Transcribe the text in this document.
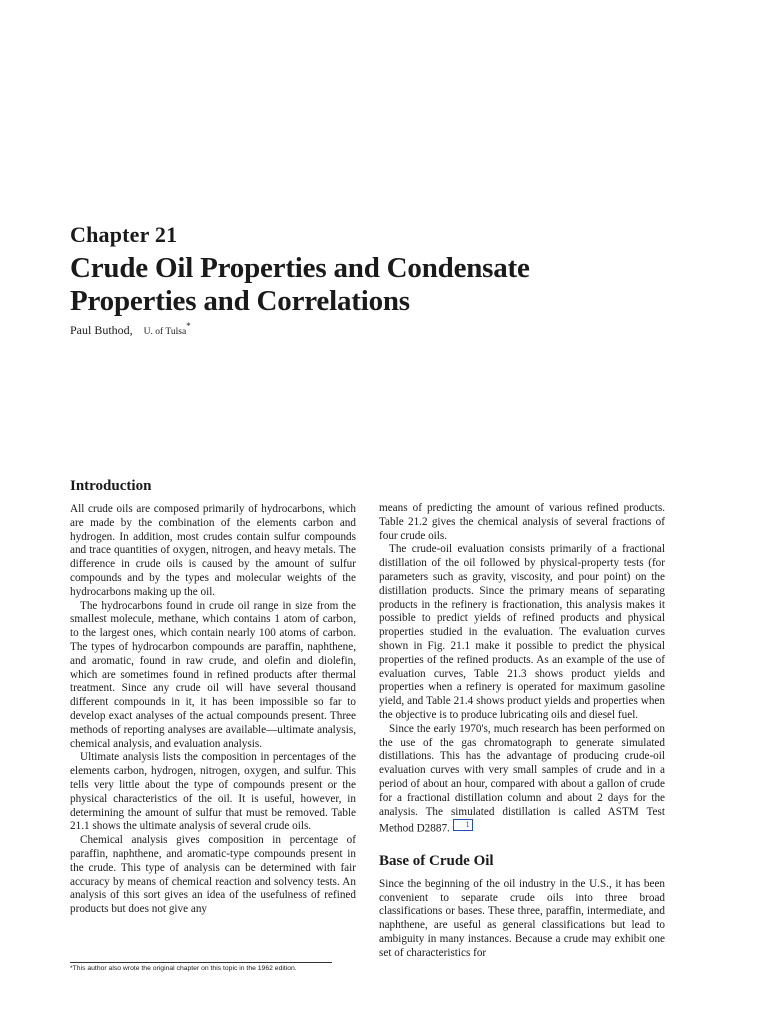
Chapter 21
Crude Oil Properties and Condensate
Properties and Correlations
Paul Buthod, U. of Tulsa*
Introduction

All crude oils are composed primarily of hydrocarbons, which are made by the combination of the elements carbon and hydrogen. In addition, most crudes contain sulfur compounds and trace quantities of oxygen, nitrogen, and heavy metals. The difference in crude oils is caused by the amount of sulfur compounds and by the types and molecular weights of the hydrocarbons making up the oil.

The hydrocarbons found in crude oil range in size from the smallest molecule, methane, which contains 1 atom of carbon, to the largest ones, which contain nearly 100 atoms of carbon. The types of hydrocarbon compounds are paraffin, naphthene, and aromatic, found in raw crude, and olefin and diolefin, which are sometimes found in refined products after thermal treatment. Since any crude oil will have several thousand different compounds in it, it has been impossible so far to develop exact analyses of the actual compounds present. Three methods of reporting analyses are available—ultimate analysis, chemical analysis, and evaluation analysis.

Ultimate analysis lists the composition in percentages of the elements carbon, hydrogen, nitrogen, oxygen, and sulfur. This tells very little about the type of compounds present or the physical characteristics of the oil. It is useful, however, in determining the amount of sulfur that must be removed. Table 21.1 shows the ultimate analysis of several crude oils.

Chemical analysis gives composition in percentage of paraffin, naphthene, and aromatic-type compounds present in the crude. This type of analysis can be determined with fair accuracy by means of chemical reaction and solvency tests. An analysis of this sort gives an idea of the usefulness of refined products but does not give any

means of predicting the amount of various refined products. Table 21.2 gives the chemical analysis of several fractions of four crude oils.

The crude-oil evaluation consists primarily of a fractional distillation of the oil followed by physical-property tests (for parameters such as gravity, viscosity, and pour point) on the distillation products. Since the primary means of separating products in the refinery is fractionation, this analysis makes it possible to predict yields of refined products and physical properties studied in the evaluation. The evaluation curves shown in Fig. 21.1 make it possible to predict the physical properties of the refined products. As an example of the use of evaluation curves, Table 21.3 shows product yields and properties when a refinery is operated for maximum gasoline yield, and Table 21.4 shows product yields and properties when the objective is to produce lubricating oils and diesel fuel.

Since the early 1970's, much research has been performed on the use of the gas chromatograph to generate simulated distillations. This has the advantage of producing crude-oil evaluation curves with very small samples of crude and in a period of about an hour, compared with about a gallon of crude for a fractional distillation column and about 2 days for the analysis. The simulated distillation is called ASTM Test Method D2887. 1

Base of Crude Oil

Since the beginning of the oil industry in the U.S., it has been convenient to separate crude oils into three broad classifications or bases. These three, paraffin, intermediate, and naphthene, are useful as general classifications but lead to ambiguity in many instances. Because a crude may exhibit one set of characteristics for

*This author also wrote the original chapter on this topic in the 1962 edition.
